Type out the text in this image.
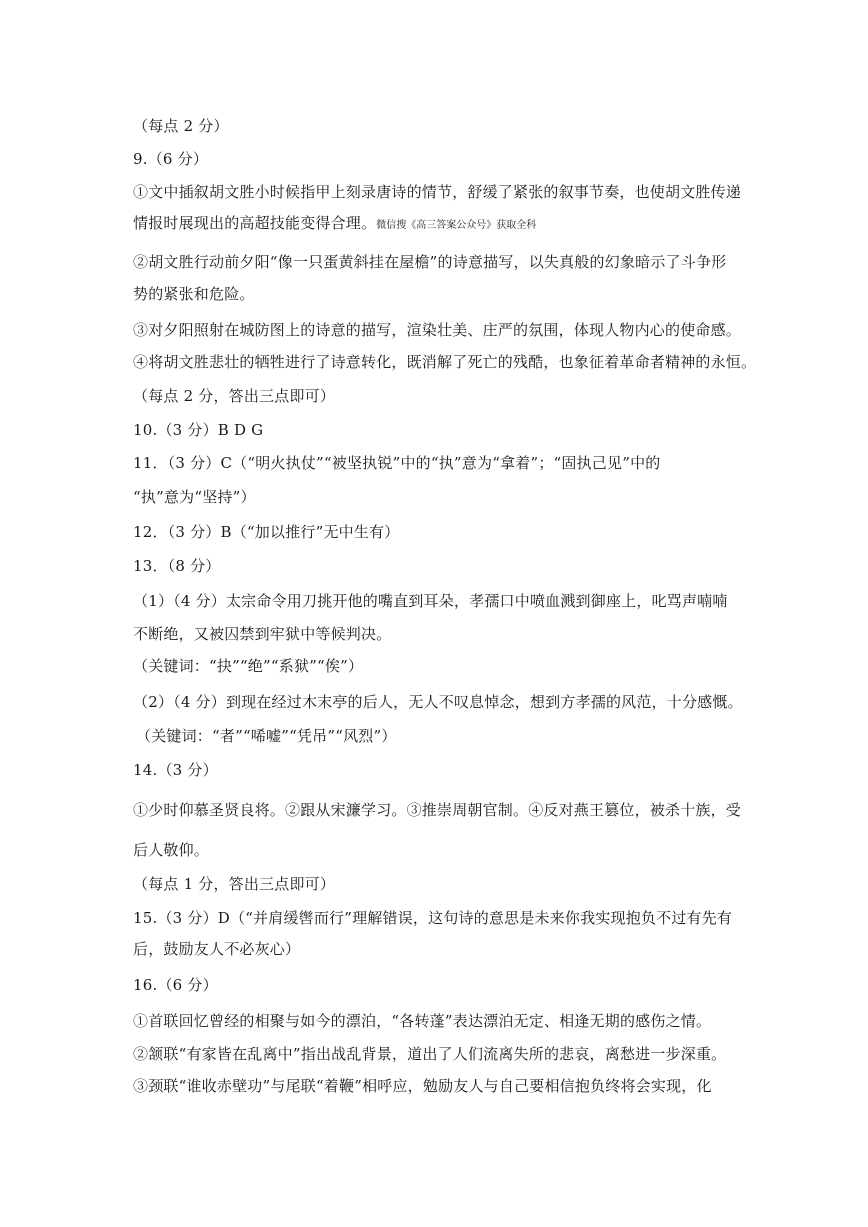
（每点 2 分）
9.（6 分）
①文中插叙胡文胜小时候指甲上刻录唐诗的情节，舒缓了紧张的叙事节奏，也使胡文胜传递
情报时展现出的高超技能变得合理。微信搜《高三答案公众号》获取全科
②胡文胜行动前夕阳“像一只蛋黄斜挂在屋檐”的诗意描写，以失真般的幻象暗示了斗争形
势的紧张和危险。
③对夕阳照射在城防图上的诗意的描写，渲染壮美、庄严的氛围，体现人物内心的使命感。
④将胡文胜悲壮的牺牲进行了诗意转化，既消解了死亡的残酷，也象征着革命者精神的永恒。
（每点 2 分，答出三点即可）
10.（3 分）B D G
11．（3 分）C（“明火执仗”“被坚执锐”中的“执”意为“拿着”；“固执己见”中的
“执”意为“坚持”）
12．（3 分）B（“加以推行”无中生有）
13．（8 分）
（1）（4 分）太宗命令用刀挑开他的嘴直到耳朵，孝孺口中喷血溅到御座上，叱骂声喃喃
不断绝，又被囚禁到牢狱中等候判决。
（关键词：“抉”“绝”“系狱”“俟”）
（2）（4 分）到现在经过木末亭的后人，无人不叹息悼念，想到方孝孺的风范，十分感慨。
（关键词：“者”“唏嘘”“凭吊”“风烈”）
14.（3 分）
①少时仰慕圣贤良将。②跟从宋濂学习。③推崇周朝官制。④反对燕王篡位，被杀十族，受
后人敬仰。
（每点 1 分，答出三点即可）
15.（3 分）D（“并肩缓辔而行”理解错误，这句诗的意思是未来你我实现抱负不过有先有
后，鼓励友人不必灰心）
16.（6 分）
①首联回忆曾经的相聚与如今的漂泊，“各转蓬”表达漂泊无定、相逢无期的感伤之情。
②颔联“有家皆在乱离中”指出战乱背景，道出了人们流离失所的悲哀，离愁进一步深重。
③颈联“谁收赤壁功”与尾联“着鞭”相呼应，勉励友人与自己要相信抱负终将会实现，化
